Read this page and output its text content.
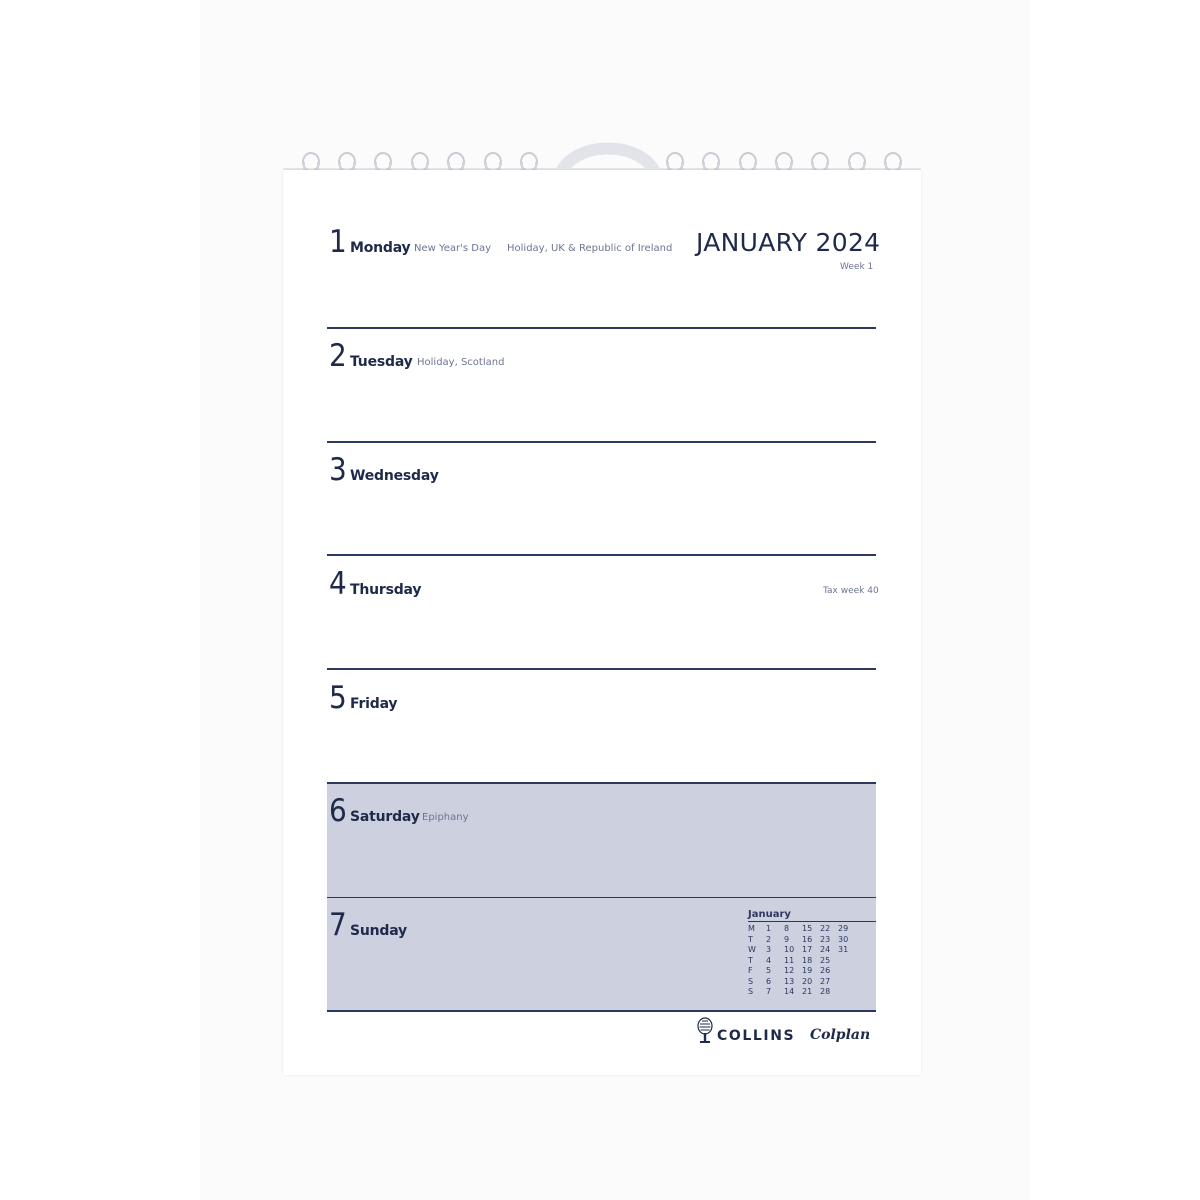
JANUARY 2024
Week 1
1 Monday New Year's Day Holiday, UK & Republic of Ireland
2 Tuesday Holiday, Scotland
3 Wednesday
4 Thursday
5 Friday
6 Saturday Epiphany
7 Sunday
Tax week 40
January
M	1	8	15 22 29
T	2	9	16 23 30
W	3	10 17 24 31
T	4	11 18 25
F	5	12 19 26
S	6	13 20 27
S	7	14 21 28
COLLINS Colplan
